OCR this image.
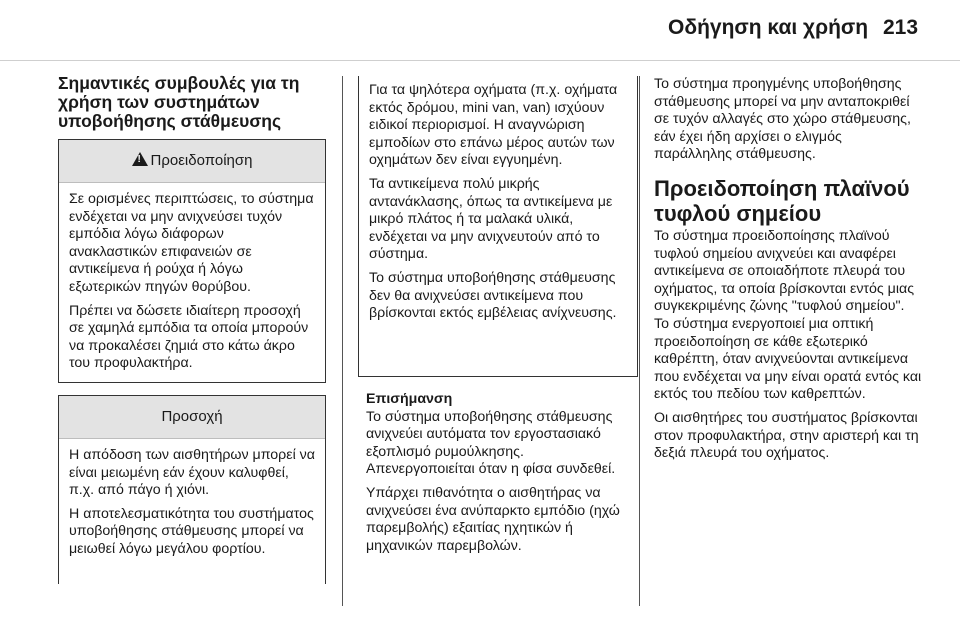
Οδήγηση και χρήση 213
Σημαντικές συμβουλές για τη χρήση των συστημάτων υποβοήθησης στάθμευσης
!Προειδοποίηση

Σε ορισμένες περιπτώσεις, το σύστημα ενδέχεται να μην ανιχνεύσει τυχόν εμπόδια λόγω διάφορων ανακλαστικών επιφανειών σε αντικείμενα ή ρούχα ή λόγω εξωτερικών πηγών θορύβου.

Πρέπει να δώσετε ιδιαίτερη προσοχή σε χαμηλά εμπόδια τα οποία μπορούν να προκαλέσει ζημιά στο κάτω άκρο του προφυλακτήρα.

Προσοχή

Η απόδοση των αισθητήρων μπορεί να είναι μειωμένη εάν έχουν καλυφθεί, π.χ. από πάγο ή χιόνι.

Η αποτελεσματικότητα του συστήματος υποβοήθησης στάθμευσης μπορεί να μειωθεί λόγω μεγάλου φορτίου.

Για τα ψηλότερα οχήματα (π.χ. οχήματα εκτός δρόμου, mini van, van) ισχύουν ειδικοί περιορισμοί. Η αναγνώριση εμποδίων στο επάνω μέρος αυτών των οχημάτων δεν είναι εγγυημένη.

Τα αντικείμενα πολύ μικρής ανταvάκλασης, όπως τα αντικείμενα με μικρό πλάτος ή τα μαλακά υλικά, ενδέχεται να μην ανιχνευτούν από το σύστημα.

Το σύστημα υποβοήθησης στάθμευσης δεν θα ανιχνεύσει αντικείμενα που βρίσκονται εκτός εμβέλειας ανίχνευσης.

Επισήμανση

Το σύστημα υποβοήθησης στάθμευσης ανιχνεύει αυτόματα τον εργοστασιακό εξοπλισμό ρυμούλκησης. Απενεργοποιείται όταν η φίσα συνδεθεί.

Υπάρχει πιθανότητα ο αισθητήρας να ανιχνεύσει ένα ανύπαρκτο εμπόδιο (ηχώ παρεμβολής) εξαιτίας ηχητικών ή μηχανικών παρεμβολών.

Το σύστημα προηγμένης υποβοήθησης στάθμευσης μπορεί να μην ανταποκριθεί σε τυχόν αλλαγές στο χώρο στάθμευσης, εάν έχει ήδη αρχίσει ο ελιγμός παράλληλης στάθμευσης.

Προειδοποίηση πλαϊνού τυφλού σημείου

Το σύστημα προειδοποίησης πλαϊνού τυφλού σημείου ανιχνεύει και αναφέρει αντικείμενα σε οποιαδήποτε πλευρά του οχήματος, τα οποία βρίσκονται εντός μιας συγκεκριμένης ζώνης "τυφλού σημείου". Το σύστημα ενεργοποιεί μια οπτική προειδοποίηση σε κάθε εξωτερικό καθρέπτη, όταν ανιχνεύονται αντικείμενα που ενδέχεται να μην είναι ορατά εντός και εκτός του πεδίου των καθρεπτών.

Οι αισθητήρες του συστήματος βρίσκονται στον προφυλακτήρα, στην αριστερή και τη δεξιά πλευρά του οχήματος.
